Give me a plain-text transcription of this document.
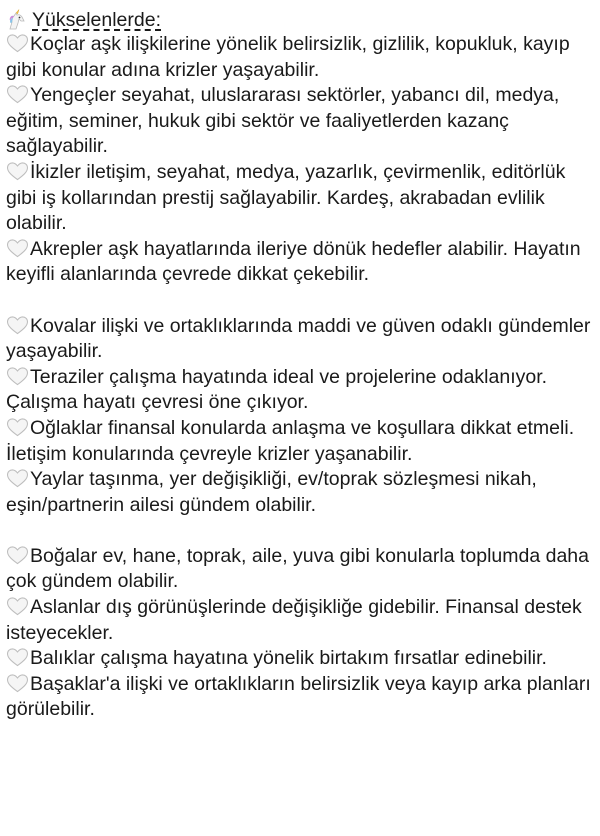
Yükselenlerde:

Koçlar aşk ilişkilerine yönelik belirsizlik, gizlilik, kopukluk, kayıp gibi konular adına krizler yaşayabilir.

Yengeçler seyahat, uluslararası sektörler, yabancı dil, medya, eğitim, seminer, hukuk gibi sektör ve faaliyetlerden kazanç sağlayabilir.

İkizler iletişim, seyahat, medya, yazarlık, çevirmenlik, editörlük gibi iş kollarından prestij sağlayabilir. Kardeş, akrabadan evlilik olabilir.

Akrepler aşk hayatlarında ileriye dönük hedefler alabilir. Hayatın keyifli alanlarında çevrede dikkat çekebilir.

Kovalar ilişki ve ortaklıklarında maddi ve güven odaklı gündemler yaşayabilir.

Teraziler çalışma hayatında ideal ve projelerine odaklanıyor. Çalışma hayatı çevresi öne çıkıyor.

Oğlaklar finansal konularda anlaşma ve koşullara dikkat etmeli. İletişim konularında çevreyle krizler yaşanabilir.

Yaylar taşınma, yer değişikliği, ev/toprak sözleşmesi nikah, eşin/partnerin ailesi gündem olabilir.

Boğalar ev, hane, toprak, aile, yuva gibi konularla toplumda daha çok gündem olabilir.

Aslanlar dış görünüşlerinde değişikliğe gidebilir. Finansal destek isteyecekler.

Balıklar çalışma hayatına yönelik birtakım fırsatlar edinebilir.

Başaklar'a ilişki ve ortaklıkların belirsizlik veya kayıp arka planları görülebilir.
